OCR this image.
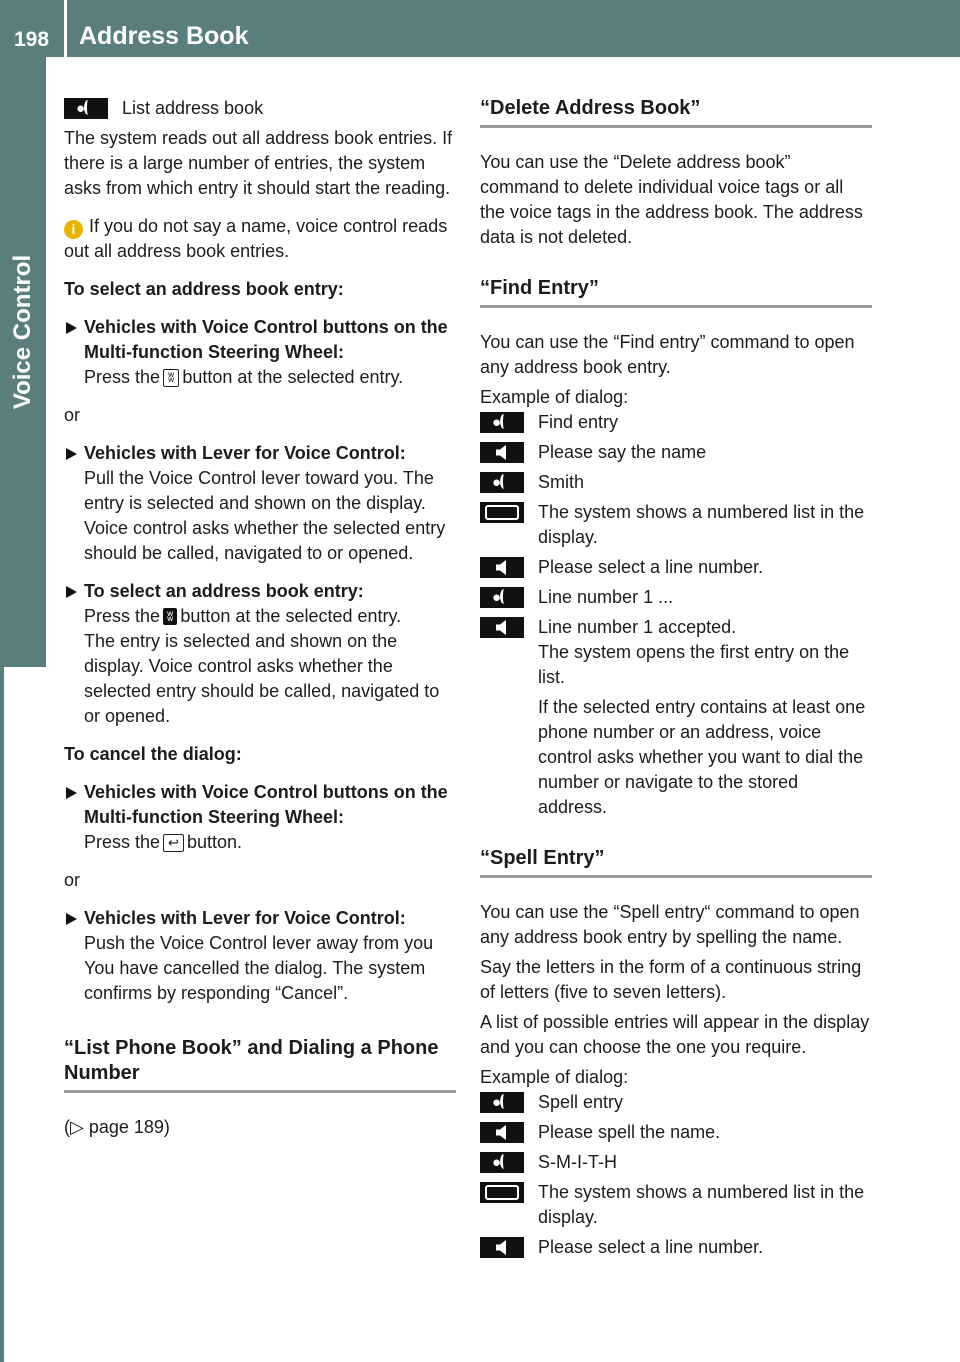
198	Address Book
Voice Control
● List address book

The system reads out all address book entries. If there is a large number of entries, the system asks from which entry it should start the reading.

i If you do not say a name, voice control reads out all address book entries.

To select an address book entry:

Vehicles with Voice Control buttons on the Multi-function Steering Wheel:
Press the ʬ button at the selected entry.

or

Vehicles with Lever for Voice Control:
Pull the Voice Control lever toward you. The entry is selected and shown on the display. Voice control asks whether the selected entry should be called, navigated to or opened.
To select an address book entry:
Press the ʬ button at the selected entry.
The entry is selected and shown on the display. Voice control asks whether the selected entry should be called, navigated to or opened.

To cancel the dialog:

Vehicles with Voice Control buttons on the Multi-function Steering Wheel:
Press the ↩ button.

or

Vehicles with Lever for Voice Control:
Push the Voice Control lever away from you You have cancelled the dialog. The system confirms by responding “Cancel”.
“List Phone Book” and Dialing a Phone Number

(▷ page 189)

“Delete Address Book”

You can use the “Delete address book” command to delete individual voice tags or all the voice tags in the address book. The address data is not deleted.

“Find Entry”

You can use the “Find entry” command to open any address book entry.

Example of dialog:

● Find entry
Please say the name
● Smith
The system shows a numbered list in the display.
Please select a line number.
● Line number 1 ...
Line number 1 accepted.
The system opens the first entry on the list.
If the selected entry contains at least one phone number or an address, voice control asks whether you want to dial the number or navigate to the stored address.
“Spell Entry”

You can use the “Spell entry“ command to open any address book entry by spelling the name.

Say the letters in the form of a continuous string of letters (five to seven letters).

A list of possible entries will appear in the display and you can choose the one you require.

Example of dialog:

● Spell entry
Please spell the name.
● S-M-I-T-H
The system shows a numbered list in the display.
Please select a line number.
